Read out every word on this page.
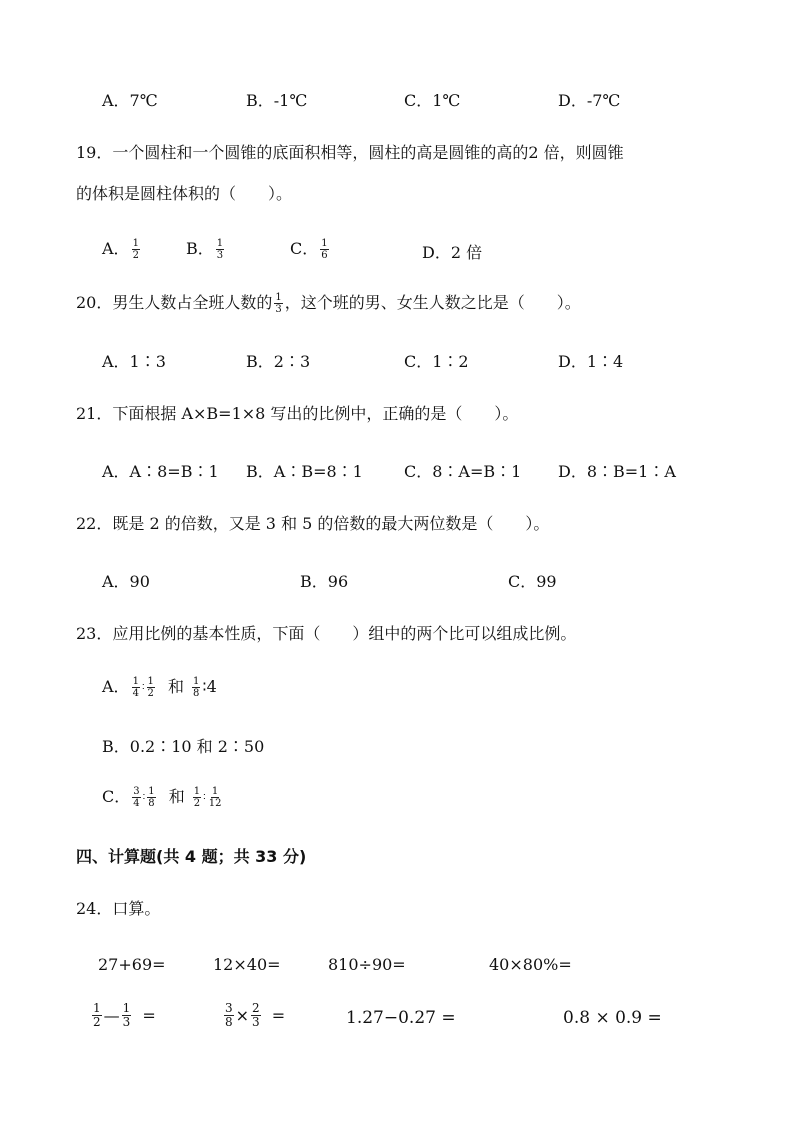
A．7℃	B．-1℃	C．1℃	D．-7℃
19．一个圆柱和一个圆锥的底面积相等，圆柱的高是圆锥的高的2 倍，则圆锥
的体积是圆柱体积的（　　）。
A． $\frac{1}{2}$	B． $\frac{1}{3}$	C． $\frac{1}{6}$	D．2 倍
20．男生人数占全班人数的 $\frac{1}{3}$ ，这个班的男、女生人数之比是（　　）。
A．1∶3	B．2∶3	C．1∶2	D．1∶4
21．下面根据 A×B=1×8 写出的比例中，正确的是（　　）。
A．A∶8=B∶1 B．A∶B=8∶1	C．8∶A=B∶1 D．8∶B=1∶A
22．既是 2 的倍数，又是 3 和 5 的倍数的最大两位数是（　　）。
A．90	B．96	C．99
23．应用比例的基本性质，下面（　　）组中的两个比可以组成比例。
A． $\frac{1}{4}$ ∶ $\frac{1}{2}$ 和 $\frac{1}{8}$ ∶4
B．0.2∶10 和 2∶50
C． $\frac{3}{4}$ ∶ $\frac{1}{8}$ 和 $\frac{1}{2}$ ∶ $\frac{1}{12}$
四、计算题(共 4 题；共 33 分)
24．口算。
27+69=	12×40=	810÷90=	40×80%=
$\frac{1}{2}$ — $\frac{1}{3}$ =	$\frac{3}{8} \times \frac{2}{3}$ =	1.27−0.27 =	0.8 × 0.9 =
